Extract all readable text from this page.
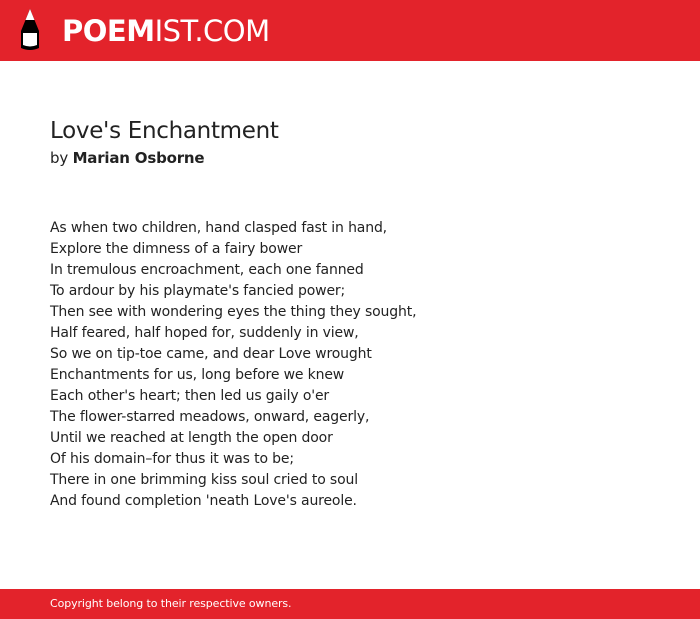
POEMIST.COM
Love's Enchantment

by Marian Osborne

As when two children, hand clasped fast in hand,
Explore the dimness of a fairy bower
In tremulous encroachment, each one fanned
To ardour by his playmate's fancied power;
Then see with wondering eyes the thing they sought,
Half feared, half hoped for, suddenly in view,
So we on tip-toe came, and dear Love wrought
Enchantments for us, long before we knew
Each other's heart; then led us gaily o'er
The flower-starred meadows, onward, eagerly,
Until we reached at length the open door
Of his domain–for thus it was to be;
There in one brimming kiss soul cried to soul
And found completion 'neath Love's aureole.
Copyright belong to their respective owners.
